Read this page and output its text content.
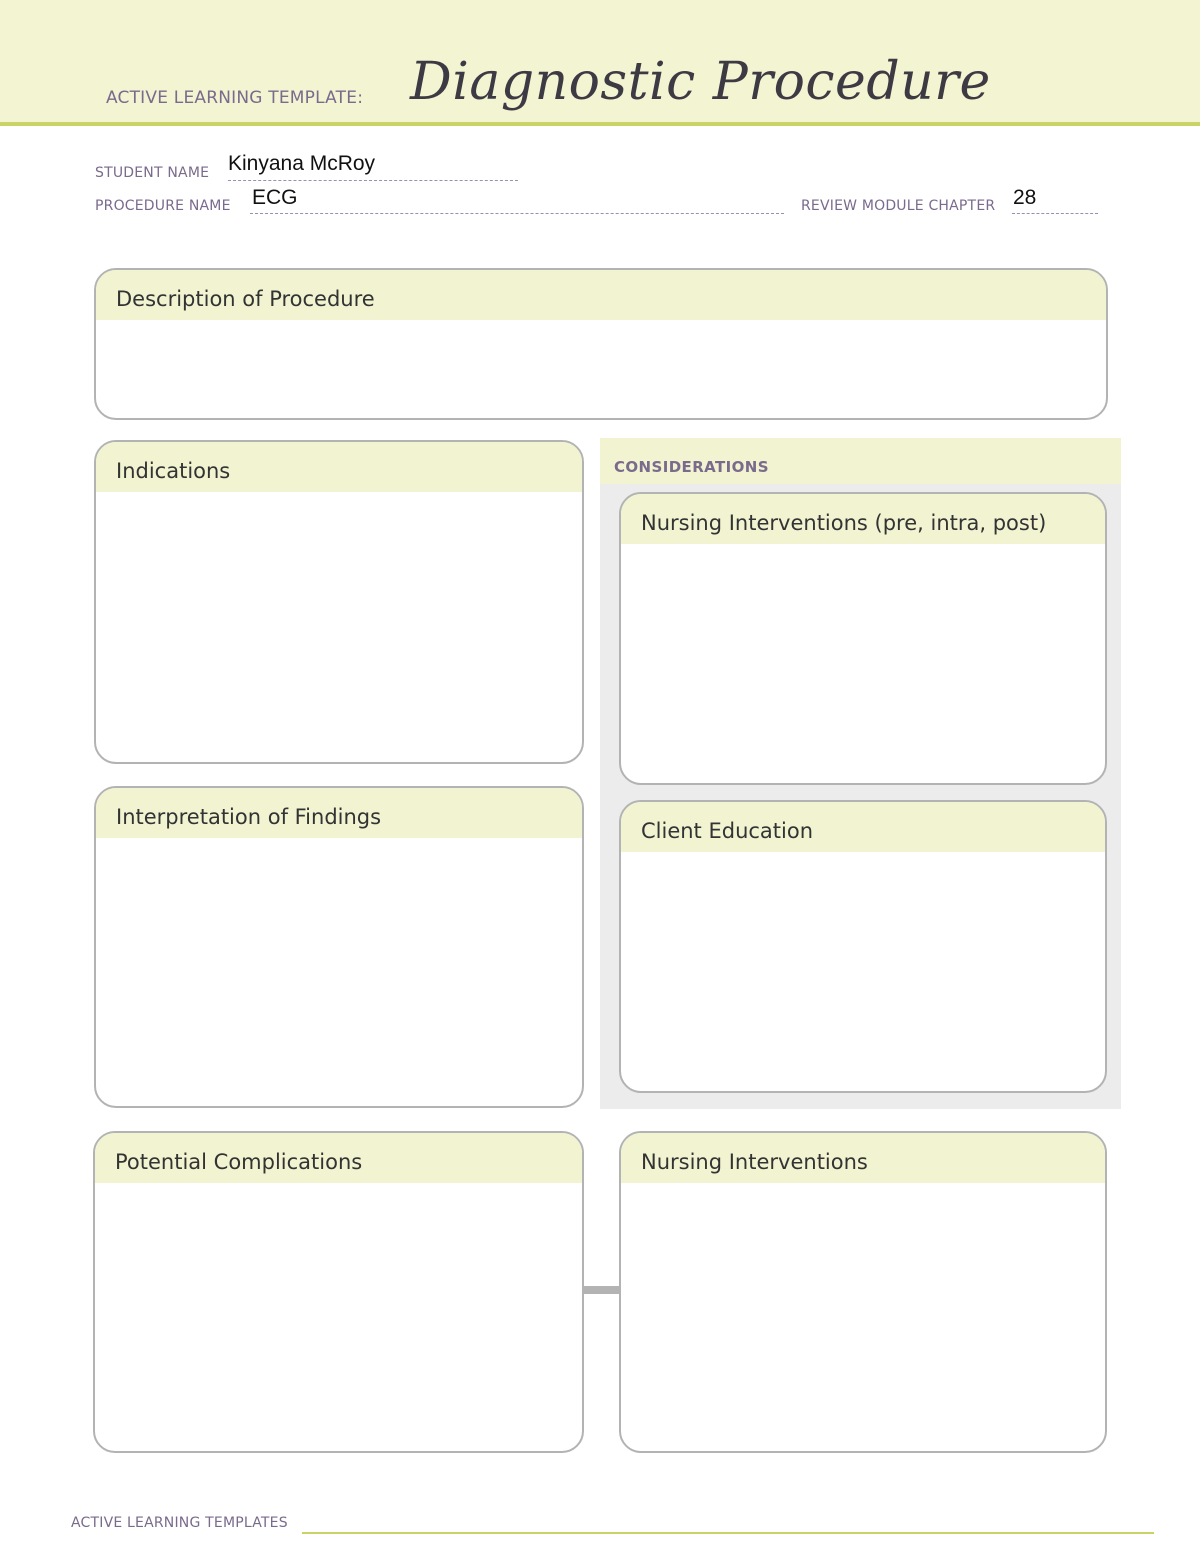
ACTIVE LEARNING TEMPLATE: Diagnostic Procedure
STUDENT NAME Kinyana McRoy
PROCEDURE NAME ECG	REVIEW MODULE CHAPTER 28
Description of Procedure
Indications	CONSIDERATIONS
Nursing Interventions (pre, intra, post)
Interpretation of Findings
Client Education
Potential Complications	Nursing Interventions
ACTIVE LEARNING TEMPLATES
